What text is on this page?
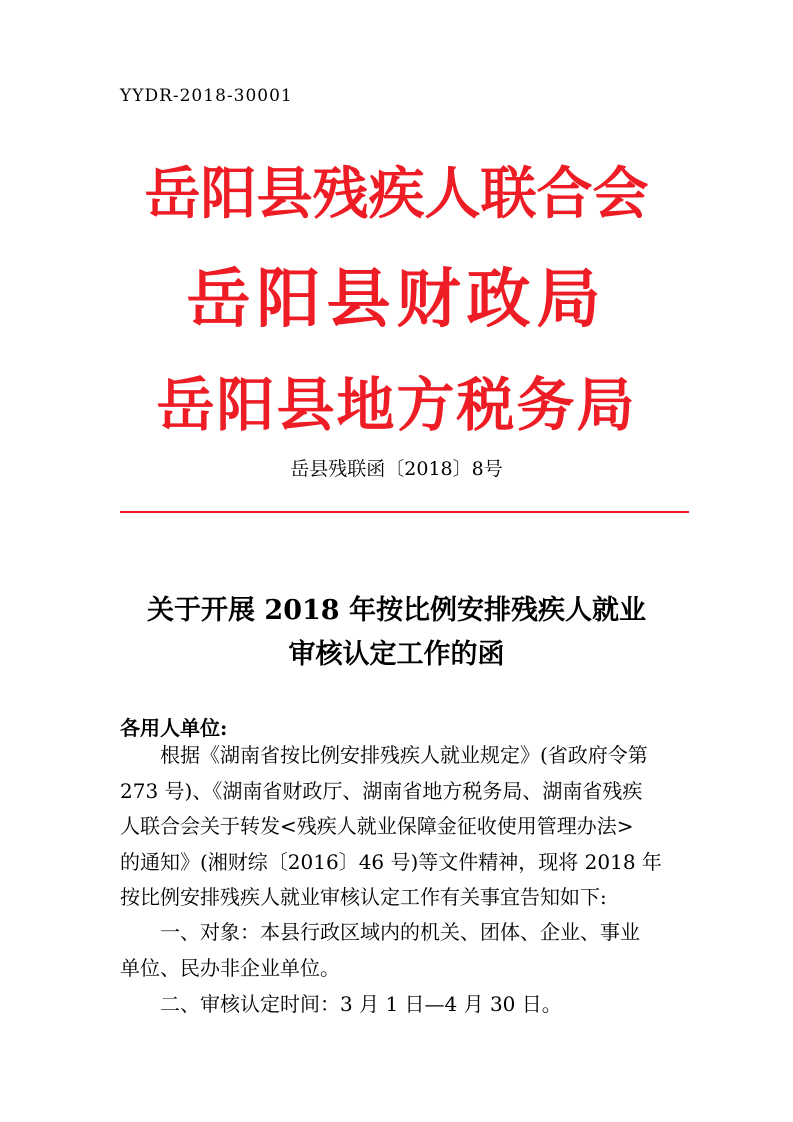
YYDR-2018-30001
岳阳县残疾人联合会
岳阳县财政局
岳阳县地方税务局
岳县残联函〔2018〕8号
关于开展 2018 年按比例安排残疾人就业
审核认定工作的函
各用人单位:
根据《湖南省按比例安排残疾人就业规定》(省政府令第
273 号)、《湖南省财政厅、湖南省地方税务局、湖南省残疾
人联合会关于转发<残疾人就业保障金征收使用管理办法>
的通知》(湘财综〔2016〕46 号)等文件精神，现将 2018 年
按比例安排残疾人就业审核认定工作有关事宜告知如下:
一、对象：本县行政区域内的机关、团体、企业、事业
单位、民办非企业单位。
二、审核认定时间：3 月 1 日—4 月 30 日。
